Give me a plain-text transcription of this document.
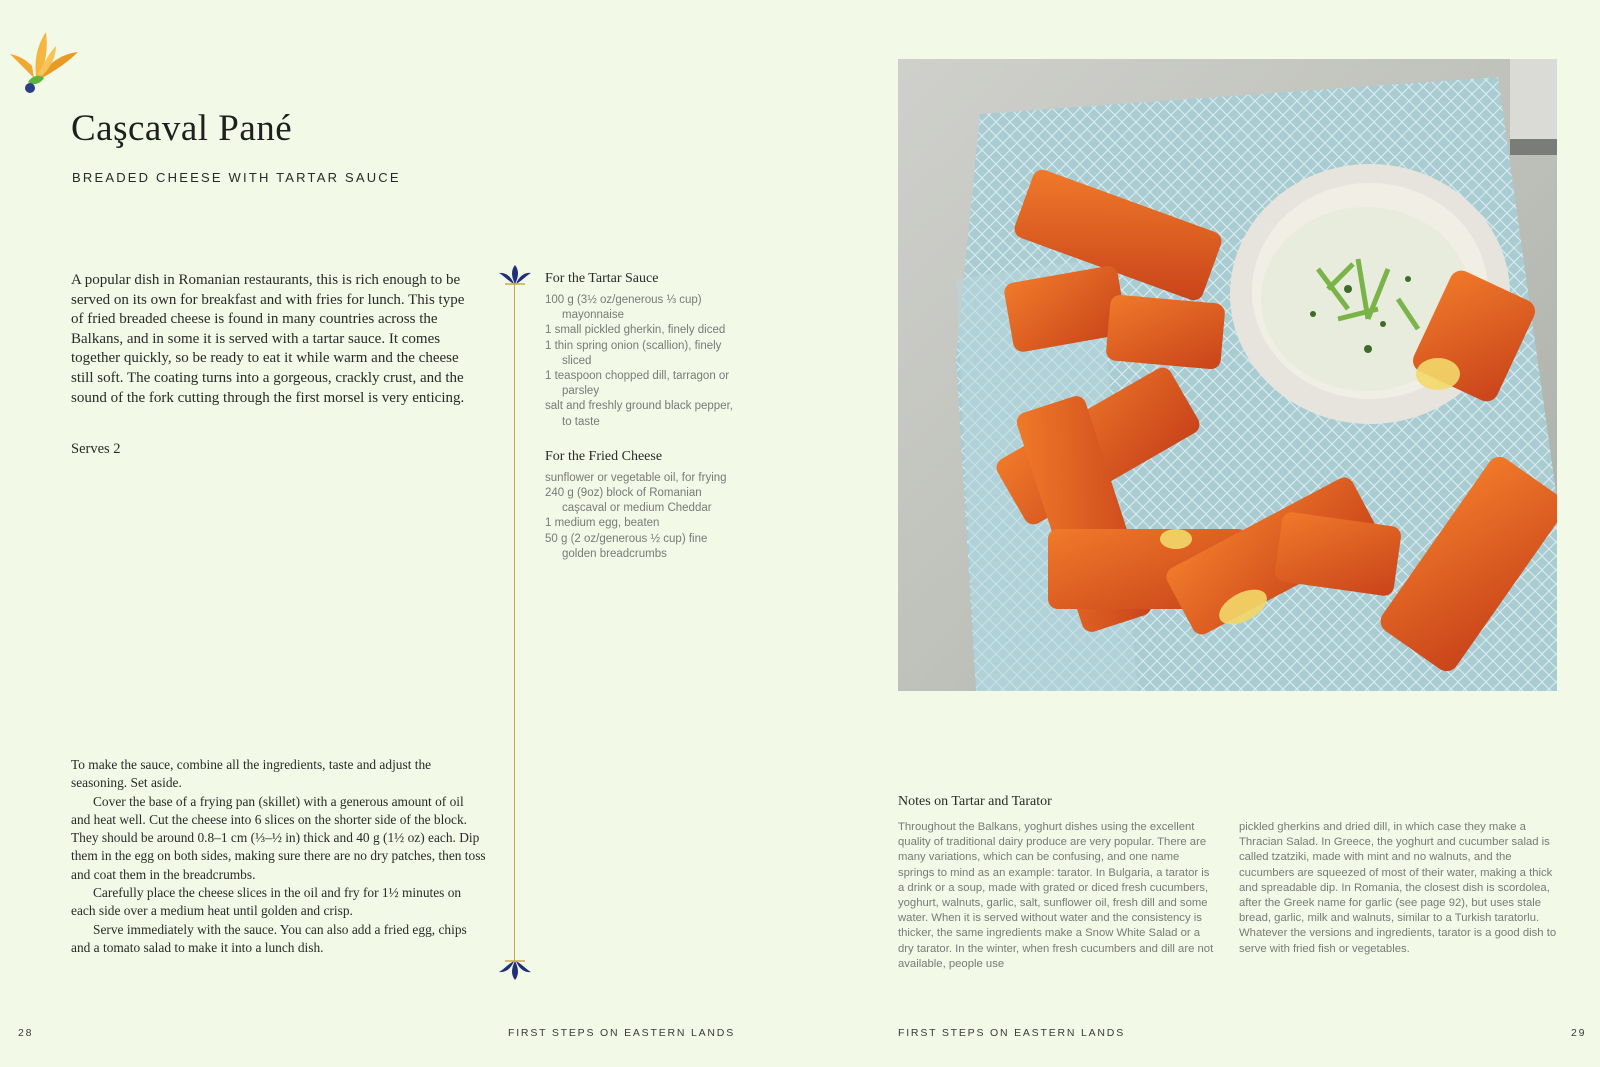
Caşcaval Pané

BREADED CHEESE WITH TARTAR SAUCE

A popular dish in Romanian restaurants, this is rich enough to be served on its own for breakfast and with fries for lunch. This type of fried breaded cheese is found in many countries across the Balkans, and in some it is served with a tartar sauce. It comes together quickly, so be ready to eat it while warm and the cheese still soft. The coating turns into a gorgeous, crackly crust, and the sound of the fork cutting through the first morsel is very enticing.

Serves 2

To make the sauce, combine all the ingredients, taste and adjust the seasoning. Set aside.

Cover the base of a frying pan (skillet) with a generous amount of oil and heat well. Cut the cheese into 6 slices on the shorter side of the block. They should be around 0.8–1 cm (⅓–½ in) thick and 40 g (1½ oz) each. Dip them in the egg on both sides, making sure there are no dry patches, then toss and coat them in the breadcrumbs.

Carefully place the cheese slices in the oil and fry for 1½ minutes on each side over a medium heat until golden and crisp.

Serve immediately with the sauce. You can also add a fried egg, chips and a tomato salad to make it into a lunch dish.

For the Tartar Sauce
100 g (3½ oz/generous ⅓ cup) mayonnaise
1 small pickled gherkin, finely diced
1 thin spring onion (scallion), finely sliced
1 teaspoon chopped dill, tarragon or parsley
salt and freshly ground black pepper, to taste
For the Fried Cheese
sunflower or vegetable oil, for frying
240 g (9oz) block of Romanian caşcaval or medium Cheddar
1 medium egg, beaten
50 g (2 oz/generous ½ cup) fine golden breadcrumbs
Notes on Tartar and Tarator

Throughout the Balkans, yoghurt dishes using the excellent quality of traditional dairy produce are very popular. There are many variations, which can be confusing, and one name springs to mind as an example: tarator. In Bulgaria, a tarator is a drink or a soup, made with grated or diced fresh cucumbers, yoghurt, walnuts, garlic, salt, sunflower oil, fresh dill and some water. When it is served without water and the consistency is thicker, the same ingredients make a Snow White Salad or a dry tarator. In the winter, when fresh cucumbers and dill are not available, people use

pickled gherkins and dried dill, in which case they make a Thracian Salad. In Greece, the yoghurt and cucumber salad is called tzatziki, made with mint and no walnuts, and the cucumbers are squeezed of most of their water, making a thick and spreadable dip. In Romania, the closest dish is scordolea, after the Greek name for garlic (see page 92), but uses stale bread, garlic, milk and walnuts, similar to a Turkish taratorlu. Whatever the versions and ingredients, tarator is a good dish to serve with fried fish or vegetables.

28	FIRST STEPS ON EASTERN LANDS	FIRST STEPS ON EASTERN LANDS	29
